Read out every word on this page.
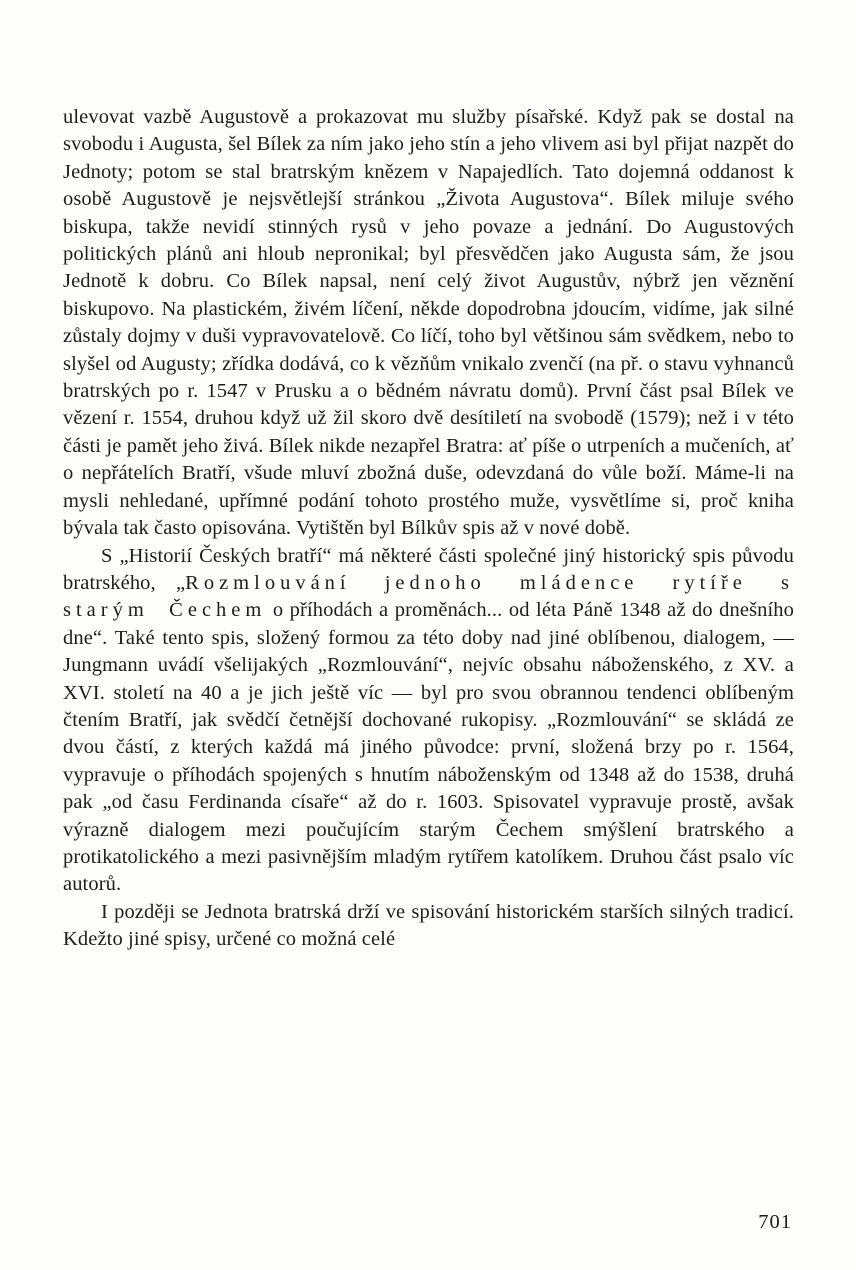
ulevovat vazbě Augustově a prokazovat mu služby písařské. Když pak se dostal na svobodu i Augusta, šel Bílek za ním jako jeho stín a jeho vlivem asi byl přijat nazpět do Jednoty; potom se stal bratrským knězem v Napajedlích. Tato dojemná oddanost k osobě Augustově je nejsvětlejší stránkou „Života Augustova“. Bílek miluje svého biskupa, takže nevidí stinných rysů v jeho povaze a jednání. Do Augustových politických plánů ani hloub nepronikal; byl přesvědčen jako Augusta sám, že jsou Jednotě k dobru. Co Bílek napsal, není celý život Augustův, nýbrž jen věznění biskupovo. Na plastickém, živém líčení, někde dopodrobna jdoucím, vidíme, jak silné zůstaly dojmy v duši vypravovatelově. Co líčí, toho byl většinou sám svědkem, nebo to slyšel od Augusty; zřídka dodává, co k vězňům vnikalo zvenčí (na př. o stavu vyhnanců bratrských po r. 1547 v Prusku a o bědném návratu domů). První část psal Bílek ve vězení r. 1554, druhou když už žil skoro dvě desítiletí na svobodě (1579); než i v této části je pamět jeho živá. Bílek nikde nezapřel Bratra: ať píše o utrpeních a mučeních, ať o nepřátelích Bratří, všude mluví zbožná duše, odevzdaná do vůle boží. Máme-li na mysli nehledané, upřímné podání tohoto prostého muže, vysvětlíme si, proč kniha bývala tak často opisována. Vytištěn byl Bílkův spis až v nové době.

S „Historií Českých bratří“ má některé části společné jiný historický spis původu bratrského, „Rozmlouvání jednoho mládence rytíře s starým Čechem o příhodách a proměnách... od léta Páně 1348 až do dnešního dne“. Také tento spis, složený formou za této doby nad jiné oblíbenou, dialogem, — Jungmann uvádí všelijakých „Rozmlouvání“, nejvíc obsahu náboženského, z XV. a XVI. století na 40 a je jich ještě víc — byl pro svou obrannou tendenci oblíbeným čtením Bratří, jak svědčí četnější dochované rukopisy. „Rozmlouvání“ se skládá ze dvou částí, z kterých každá má jiného původce: první, složená brzy po r. 1564, vypravuje o příhodách spojených s hnutím náboženským od 1348 až do 1538, druhá pak „od času Ferdinanda císaře“ až do r. 1603. Spisovatel vypravuje prostě, avšak výrazně dialogem mezi poučujícím starým Čechem smýšlení bratrského a protikatolického a mezi pasivnějším mladým rytířem katolíkem. Druhou část psalo víc autorů.

I později se Jednota bratrská drží ve spisování historickém starších silných tradicí. Kdežto jiné spisy, určené co možná celé

701
